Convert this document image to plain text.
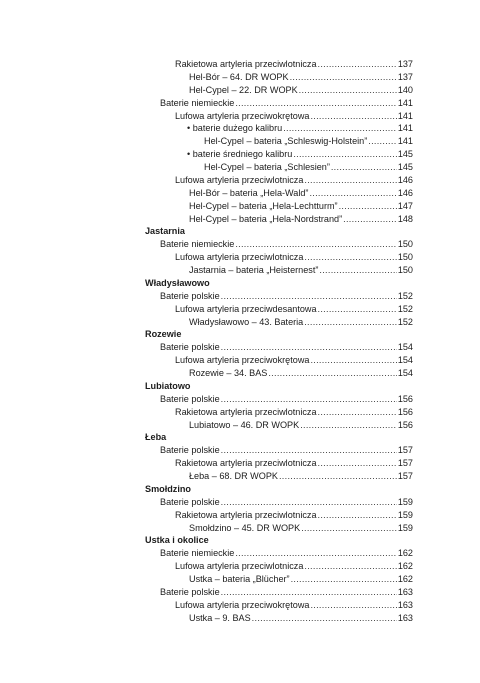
Rakietowa artyleria przeciwlotnicza .....	137
Hel-Bór – 64. DR WOPK .....	137
Hel-Cypel – 22. DR WOPK .....	140
Baterie niemieckie .....	141
Lufowa artyleria przeciwokrętowa .....	141
• baterie dużego kalibru .....	141
Hel-Cypel – bateria „Schleswig-Holstein” .....	141
• baterie średniego kalibru .....	145
Hel-Cypel – bateria „Schlesien” .....	145
Lufowa artyleria przeciwlotnicza .....	146
Hel-Bór – bateria „Hela-Wald” .....	146
Hel-Cypel – bateria „Hela-Lechtturm” .....	147
Hel-Cypel – bateria „Hela-Nordstrand” .....	148
Jastarnia
Baterie niemieckie .....	150
Lufowa artyleria przeciwlotnicza .....	150
Jastarnia – bateria „Heisternest” .....	150
Władysławowo
Baterie polskie .....	152
Lufowa artyleria przeciwdesantowa .....	152
Władysławowo – 43. Bateria .....	152
Rozewie
Baterie polskie .....	154
Lufowa artyleria przeciwokrętowa .....	154
Rozewie – 34. BAS .....	154
Lubiatowo
Baterie polskie .....	156
Rakietowa artyleria przeciwlotnicza .....	156
Lubiatowo – 46. DR WOPK .....	156
Łeba
Baterie polskie .....	157
Rakietowa artyleria przeciwlotnicza .....	157
Łeba – 68. DR WOPK .....	157
Smołdzino
Baterie polskie .....	159
Rakietowa artyleria przeciwlotnicza .....	159
Smołdzino – 45. DR WOPK .....	159
Ustka i okolice
Baterie niemieckie .....	162
Lufowa artyleria przeciwlotnicza .....	162
Ustka – bateria „Blücher” .....	162
Baterie polskie .....	163
Lufowa artyleria przeciwokrętowa .....	163
Ustka – 9. BAS .....	163
